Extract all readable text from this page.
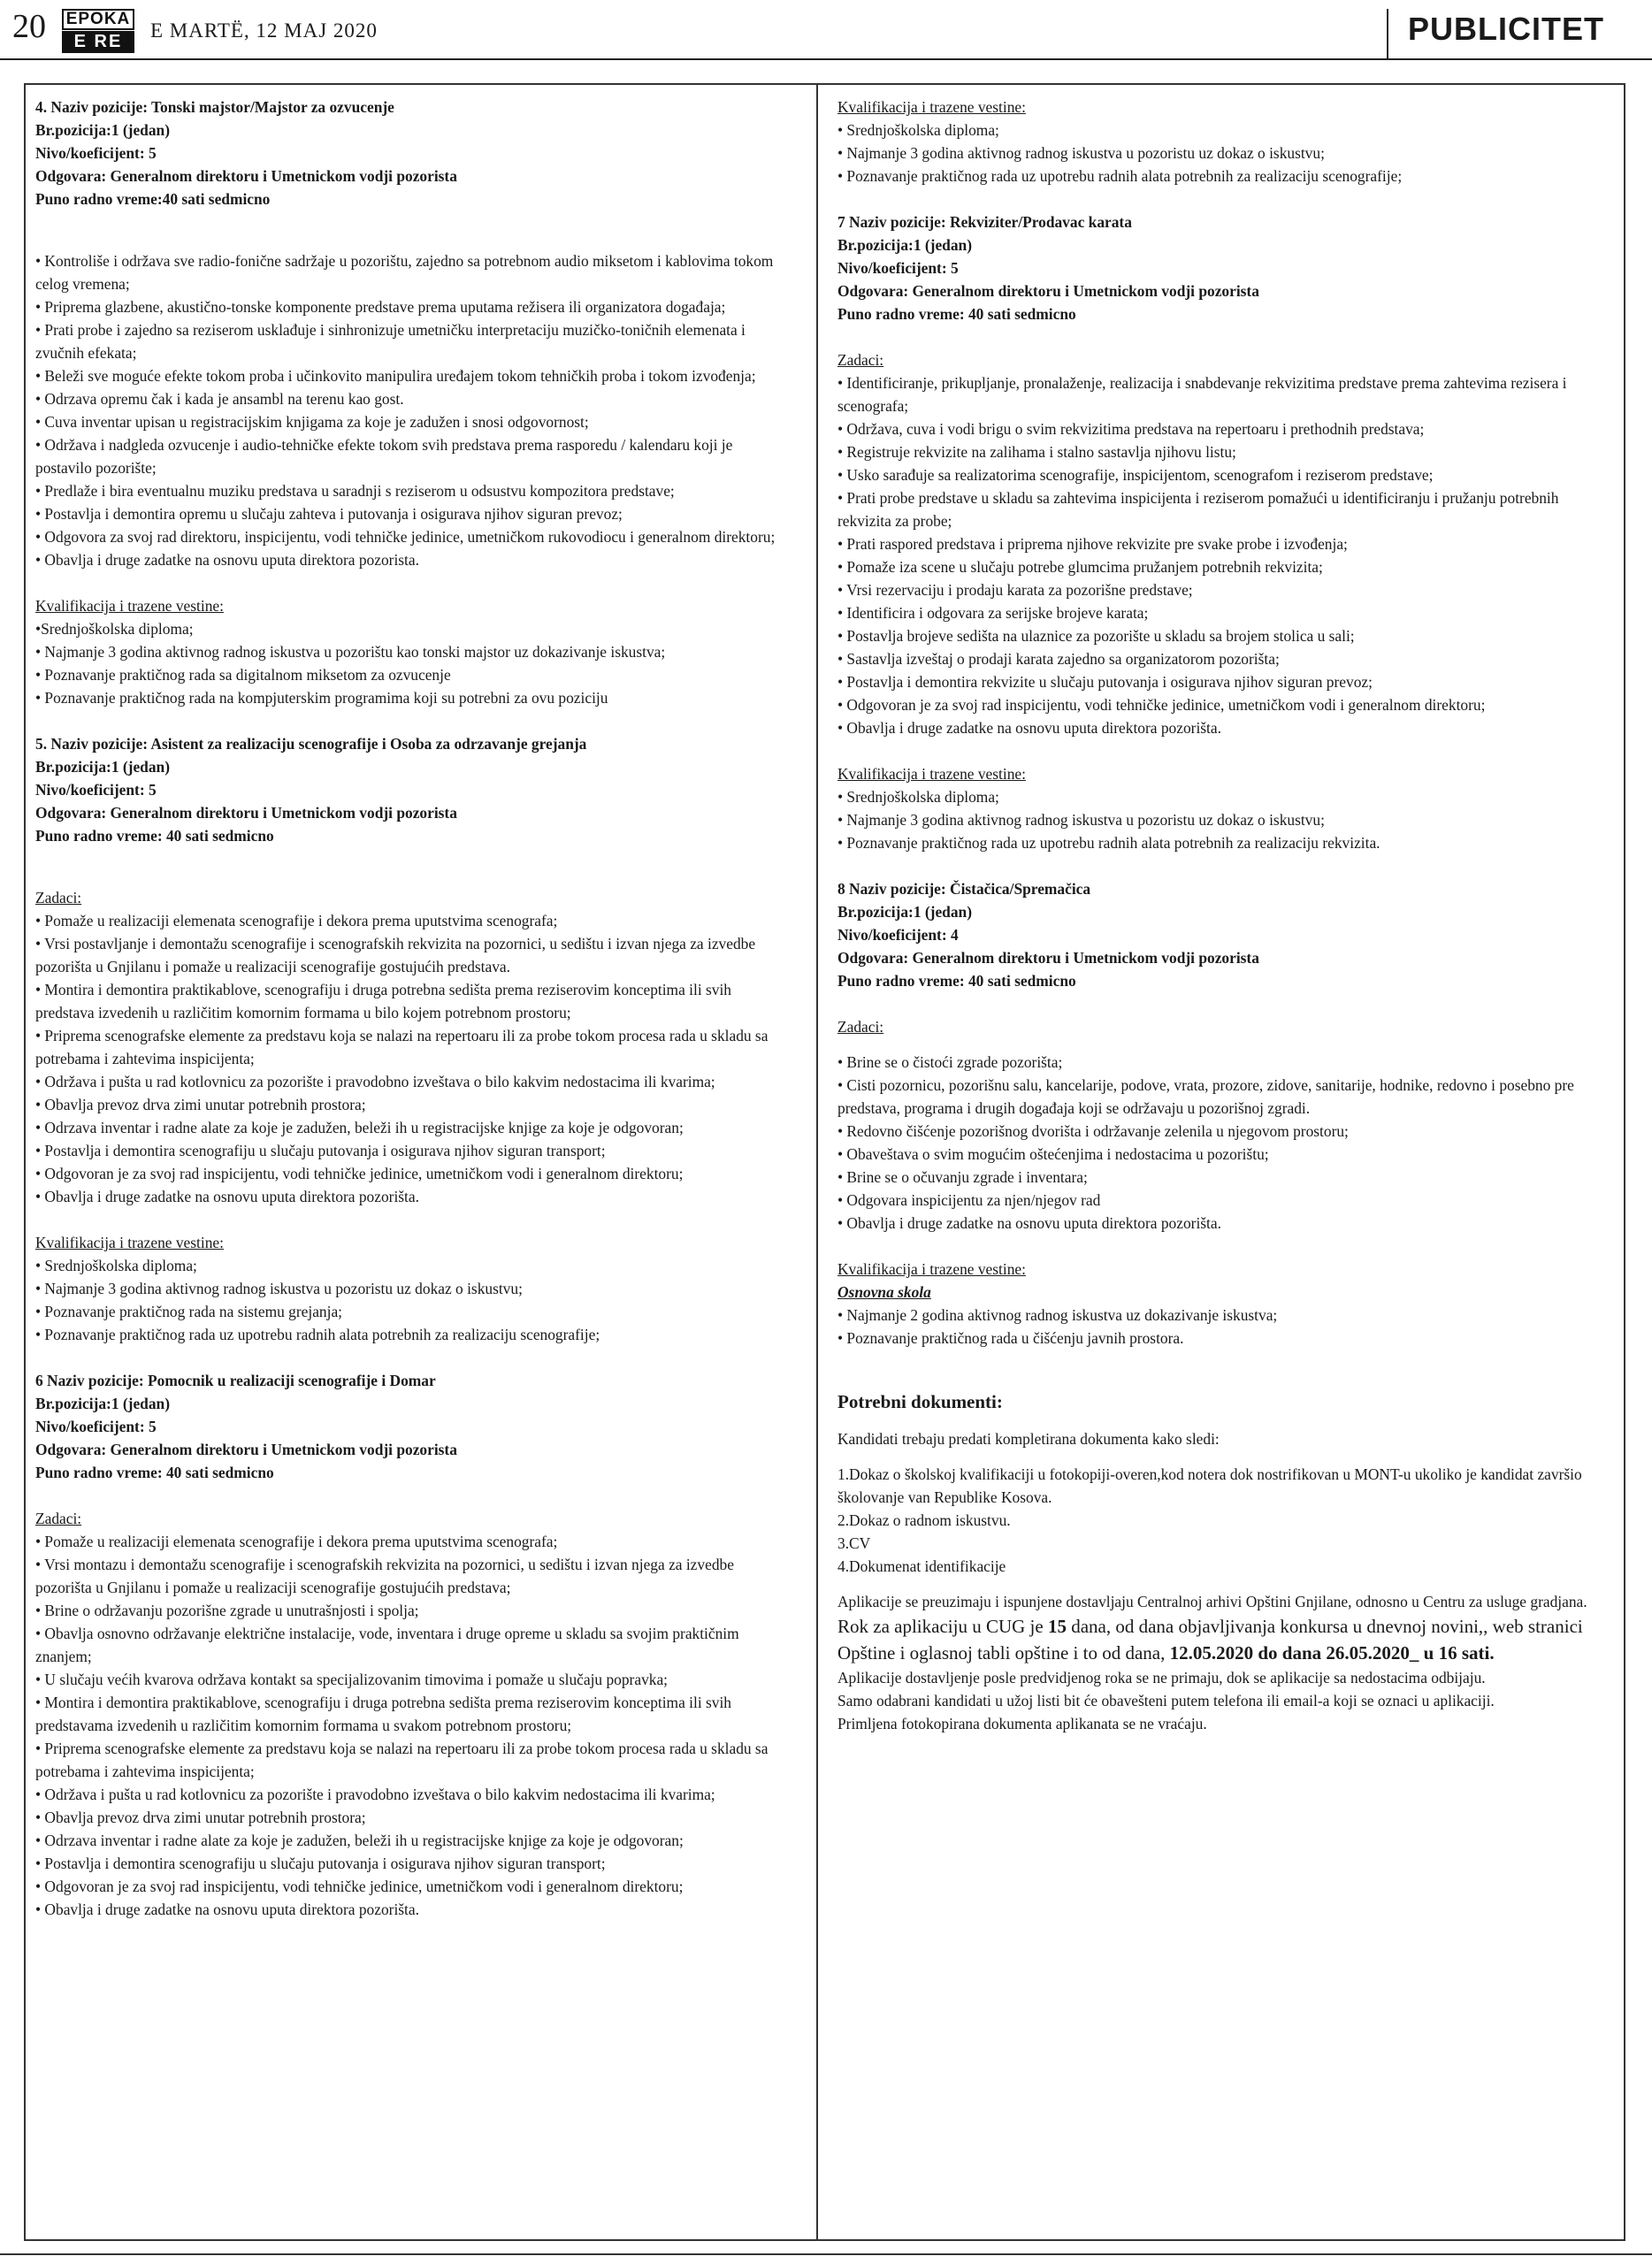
20 EPOKA
E RE	E MARTË, 12 MAJ 2020	PUBLICITET

4. Naziv pozicije: Tonski majstor/Majstor za ozvucenje

Br.pozicija:1 (jedan)

Nivo/koeficijent: 5

Odgovara: Generalnom direktoru i Umetnickom vodji pozorista

Puno radno vreme:40 sati sedmicno

• Kontroliše i održava sve radio-fonične sadržaje u pozorištu, zajedno sa potrebnom audio miksetom i kablovima tokom celog vremena;

• Priprema glazbene, akustično-tonske komponente predstave prema uputama režisera ili organizatora događaja;

• Prati probe i zajedno sa reziserom usklađuje i sinhronizuje umetničku interpretaciju muzičko-toničnih elemenata i zvučnih efekata;

• Beleži sve moguće efekte tokom proba i učinkovito manipulira uređajem tokom tehničkih proba i tokom izvođenja;

• Odrzava opremu čak i kada je ansambl na terenu kao gost.

• Cuva inventar upisan u registracijskim knjigama za koje je zadužen i snosi odgovornost;

• Održava i nadgleda ozvucenje i audio-tehničke efekte tokom svih predstava prema rasporedu / kalendaru koji je postavilo pozorište;

• Predlaže i bira eventualnu muziku predstava u saradnji s reziserom u odsustvu kompozitora predstave;

• Postavlja i demontira opremu u slučaju zahteva i putovanja i osigurava njihov siguran prevoz;

• Odgovora za svoj rad direktoru, inspicijentu, vodi tehničke jedinice, umetničkom rukovodiocu i generalnom direktoru;

• Obavlja i druge zadatke na osnovu uputa direktora pozorista.

Kvalifikacija i trazene vestine:

•Srednjoškolska diploma;

• Najmanje 3 godina aktivnog radnog iskustva u pozorištu kao tonski majstor uz dokazivanje iskustva;

• Poznavanje praktičnog rada sa digitalnom miksetom za ozvucenje

• Poznavanje praktičnog rada na kompjuterskim programima koji su potrebni za ovu poziciju

5. Naziv pozicije: Asistent za realizaciju scenografije i Osoba za odrzavanje grejanja

Br.pozicija:1 (jedan)

Nivo/koeficijent: 5

Odgovara: Generalnom direktoru i Umetnickom vodji pozorista

Puno radno vreme: 40 sati sedmicno

Zadaci:

• Pomaže u realizaciji elemenata scenografije i dekora prema uputstvima scenografa;

• Vrsi postavljanje i demontažu scenografije i scenografskih rekvizita na pozornici, u sedištu i izvan njega za izvedbe pozorišta u Gnjilanu i pomaže u realizaciji scenografije gostujućih predstava.

• Montira i demontira praktikablove, scenografiju i druga potrebna sedišta prema reziserovim konceptima ili svih predstava izvedenih u različitim komornim formama u bilo kojem potrebnom prostoru;

• Priprema scenografske elemente za predstavu koja se nalazi na repertoaru ili za probe tokom procesa rada u skladu sa potrebama i zahtevima inspicijenta;

• Održava i pušta u rad kotlovnicu za pozorište i pravodobno izveštava o bilo kakvim nedostacima ili kvarima;

• Obavlja prevoz drva zimi unutar potrebnih prostora;

• Odrzava inventar i radne alate za koje je zadužen, beleži ih u registracijske knjige za koje je odgovoran;

• Postavlja i demontira scenografiju u slučaju putovanja i osigurava njihov siguran transport;

• Odgovoran je za svoj rad inspicijentu, vodi tehničke jedinice, umetničkom vodi i generalnom direktoru;

• Obavlja i druge zadatke na osnovu uputa direktora pozorišta.

Kvalifikacija i trazene vestine:

• Srednjoškolska diploma;

• Najmanje 3 godina aktivnog radnog iskustva u pozoristu uz dokaz o iskustvu;

• Poznavanje praktičnog rada na sistemu grejanja;

• Poznavanje praktičnog rada uz upotrebu radnih alata potrebnih za realizaciju scenografije;

6 Naziv pozicije: Pomocnik u realizaciji scenografije i Domar

Br.pozicija:1 (jedan)

Nivo/koeficijent: 5

Odgovara: Generalnom direktoru i Umetnickom vodji pozorista

Puno radno vreme: 40 sati sedmicno

Zadaci:

• Pomaže u realizaciji elemenata scenografije i dekora prema uputstvima scenografa;

• Vrsi montazu i demontažu scenografije i scenografskih rekvizita na pozornici, u sedištu i izvan njega za izvedbe pozorišta u Gnjilanu i pomaže u realizaciji scenografije gostujućih predstava;

• Brine o održavanju pozorišne zgrade u unutrašnjosti i spolja;

• Obavlja osnovno održavanje električne instalacije, vode, inventara i druge opreme u skladu sa svojim praktičnim znanjem;

• U slučaju većih kvarova održava kontakt sa specijalizovanim timovima i pomaže u slučaju popravka;

• Montira i demontira praktikablove, scenografiju i druga potrebna sedišta prema reziserovim konceptima ili svih predstavama izvedenih u različitim komornim formama u svakom potrebnom prostoru;

• Priprema scenografske elemente za predstavu koja se nalazi na repertoaru ili za probe tokom procesa rada u skladu sa potrebama i zahtevima inspicijenta;

• Održava i pušta u rad kotlovnicu za pozorište i pravodobno izveštava o bilo kakvim nedostacima ili kvarima;

• Obavlja prevoz drva zimi unutar potrebnih prostora;

• Odrzava inventar i radne alate za koje je zadužen, beleži ih u registracijske knjige za koje je odgovoran;

• Postavlja i demontira scenografiju u slučaju putovanja i osigurava njihov siguran transport;

• Odgovoran je za svoj rad inspicijentu, vodi tehničke jedinice, umetničkom vodi i generalnom direktoru;

• Obavlja i druge zadatke na osnovu uputa direktora pozorišta.

Kvalifikacija i trazene vestine:

• Srednjoškolska diploma;

• Najmanje 3 godina aktivnog radnog iskustva u pozoristu uz dokaz o iskustvu;

• Poznavanje praktičnog rada uz upotrebu radnih alata potrebnih za realizaciju scenografije;

7 Naziv pozicije: Rekviziter/Prodavac karata

Br.pozicija:1 (jedan)

Nivo/koeficijent: 5

Odgovara: Generalnom direktoru i Umetnickom vodji pozorista

Puno radno vreme: 40 sati sedmicno

Zadaci:

• Identificiranje, prikupljanje, pronalaženje, realizacija i snabdevanje rekvizitima predstave prema zahtevima rezisera i scenografa;

• Održava, cuva i vodi brigu o svim rekvizitima predstava na repertoaru i prethodnih predstava;

• Registruje rekvizite na zalihama i stalno sastavlja njihovu listu;

• Usko sarađuje sa realizatorima scenografije, inspicijentom, scenografom i reziserom predstave;

• Prati probe predstave u skladu sa zahtevima inspicijenta i reziserom pomažući u identificiranju i pružanju potrebnih rekvizita za probe;

• Prati raspored predstava i priprema njihove rekvizite pre svake probe i izvođenja;

• Pomaže iza scene u slučaju potrebe glumcima pružanjem potrebnih rekvizita;

• Vrsi rezervaciju i prodaju karata za pozorišne predstave;

• Identificira i odgovara za serijske brojeve karata;

• Postavlja brojeve sedišta na ulaznice za pozorište u skladu sa brojem stolica u sali;

• Sastavlja izveštaj o prodaji karata zajedno sa organizatorom pozorišta;

• Postavlja i demontira rekvizite u slučaju putovanja i osigurava njihov siguran prevoz;

• Odgovoran je za svoj rad inspicijentu, vodi tehničke jedinice, umetničkom vodi i generalnom direktoru;

• Obavlja i druge zadatke na osnovu uputa direktora pozorišta.

Kvalifikacija i trazene vestine:

• Srednjoškolska diploma;

• Najmanje 3 godina aktivnog radnog iskustva u pozoristu uz dokaz o iskustvu;

• Poznavanje praktičnog rada uz upotrebu radnih alata potrebnih za realizaciju rekvizita.

8 Naziv pozicije: Čistačica/Spremačica

Br.pozicija:1 (jedan)

Nivo/koeficijent: 4

Odgovara: Generalnom direktoru i Umetnickom vodji pozorista

Puno radno vreme: 40 sati sedmicno

Zadaci:

• Brine se o čistoći zgrade pozorišta;

• Cisti pozornicu, pozorišnu salu, kancelarije, podove, vrata, prozore, zidove, sanitarije, hodnike, redovno i posebno pre predstava, programa i drugih događaja koji se održavaju u pozorišnoj zgradi.

• Redovno čišćenje pozorišnog dvorišta i održavanje zelenila u njegovom prostoru;

• Obaveštava o svim mogućim oštećenjima i nedostacima u pozorištu;

• Brine se o očuvanju zgrade i inventara;

• Odgovara inspicijentu za njen/njegov rad

• Obavlja i druge zadatke na osnovu uputa direktora pozorišta.

Kvalifikacija i trazene vestine:

Osnovna skola

• Najmanje 2 godina aktivnog radnog iskustva uz dokazivanje iskustva;

• Poznavanje praktičnog rada u čišćenju javnih prostora.

Potrebni dokumenti:

Kandidati trebaju predati kompletirana dokumenta kako sledi:

1.Dokaz o školskoj kvalifikaciji u fotokopiji-overen,kod notera dok nostrifikovan u MONT-u ukoliko je kandidat završio školovanje van Republike Kosova.

2.Dokaz o radnom iskustvu.

3.CV

4.Dokumenat identifikacije

Aplikacije se preuzimaju i ispunjene dostavljaju Centralnoj arhivi Opštini Gnjilane, odnosno u Centru za usluge gradjana.

Rok za aplikaciju u CUG je 15 dana, od dana objavljivanja konkursa u dnevnoj novini,, web stranici Opštine i oglasnoj tabli opštine i to od dana, 12.05.2020 do dana 26.05.2020_ u 16 sati.

Aplikacije dostavljenje posle predvidjenog roka se ne primaju, dok se aplikacije sa nedostacima odbijaju.

Samo odabrani kandidati u užoj listi bit će obavešteni putem telefona ili email-a koji se oznaci u aplikaciji.

Primljena fotokopirana dokumenta aplikanata se ne vraćaju.
